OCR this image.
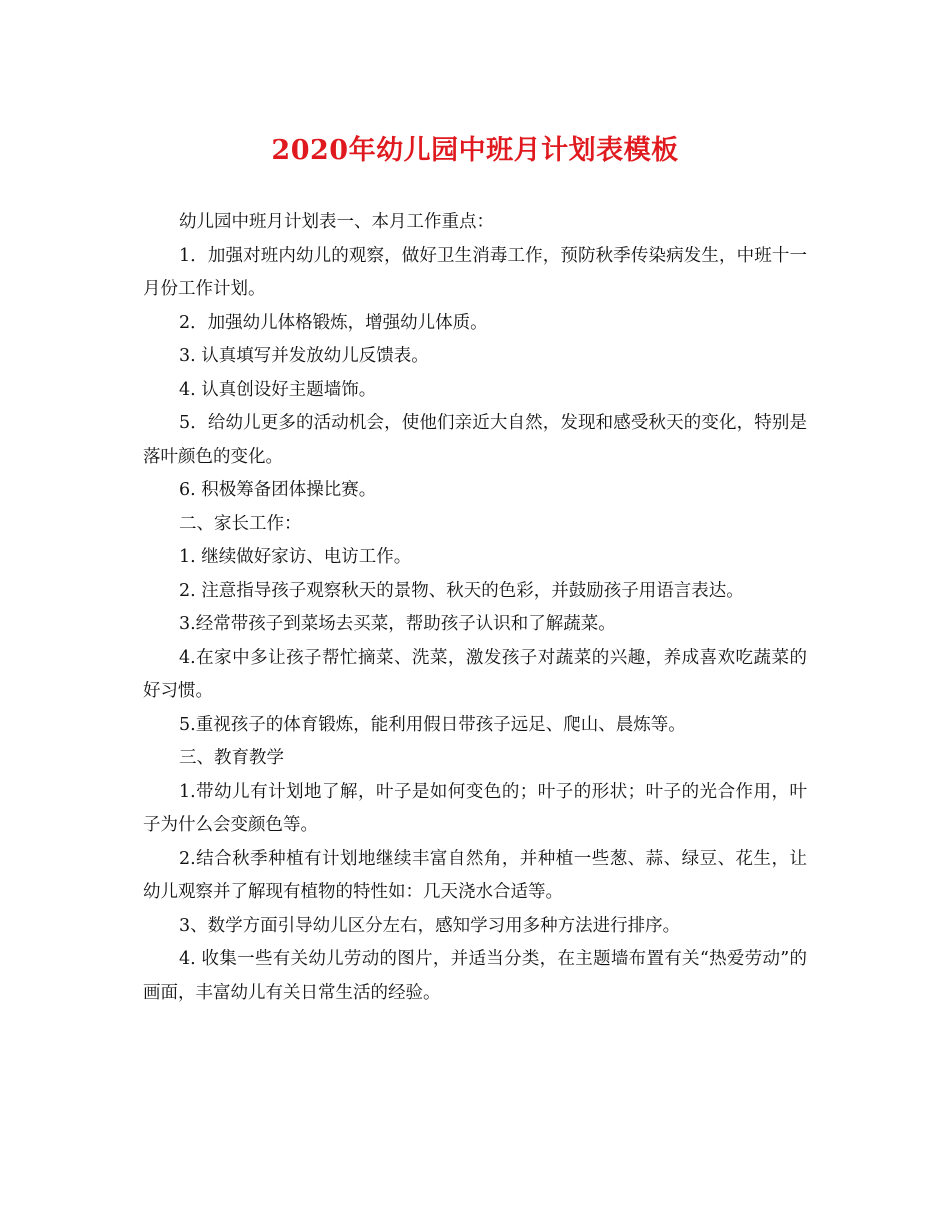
2020年幼儿园中班月计划表模板

幼儿园中班月计划表一、本月工作重点：

1．加强对班内幼儿的观察，做好卫生消毒工作，预防秋季传染病发生，中班十一月份工作计划。

2．加强幼儿体格锻炼，增强幼儿体质。

3. 认真填写并发放幼儿反馈表。

4. 认真创设好主题墙饰。

5．给幼儿更多的活动机会，使他们亲近大自然，发现和感受秋天的变化，特别是落叶颜色的变化。

6. 积极筹备团体操比赛。

二、家长工作：

1. 继续做好家访、电访工作。

2. 注意指导孩子观察秋天的景物、秋天的色彩，并鼓励孩子用语言表达。

3.经常带孩子到菜场去买菜，帮助孩子认识和了解蔬菜。

4.在家中多让孩子帮忙摘菜、洗菜，激发孩子对蔬菜的兴趣，养成喜欢吃蔬菜的好习惯。

5.重视孩子的体育锻炼，能利用假日带孩子远足、爬山、晨炼等。

三、教育教学

1.带幼儿有计划地了解，叶子是如何变色的；叶子的形状；叶子的光合作用，叶子为什么会变颜色等。

2.结合秋季种植有计划地继续丰富自然角，并种植一些葱、蒜、绿豆、花生，让幼儿观察并了解现有植物的特性如：几天浇水合适等。

3、数学方面引导幼儿区分左右，感知学习用多种方法进行排序。

4. 收集一些有关幼儿劳动的图片，并适当分类，在主题墙布置有关“热爱劳动”的画面，丰富幼儿有关日常生活的经验。
